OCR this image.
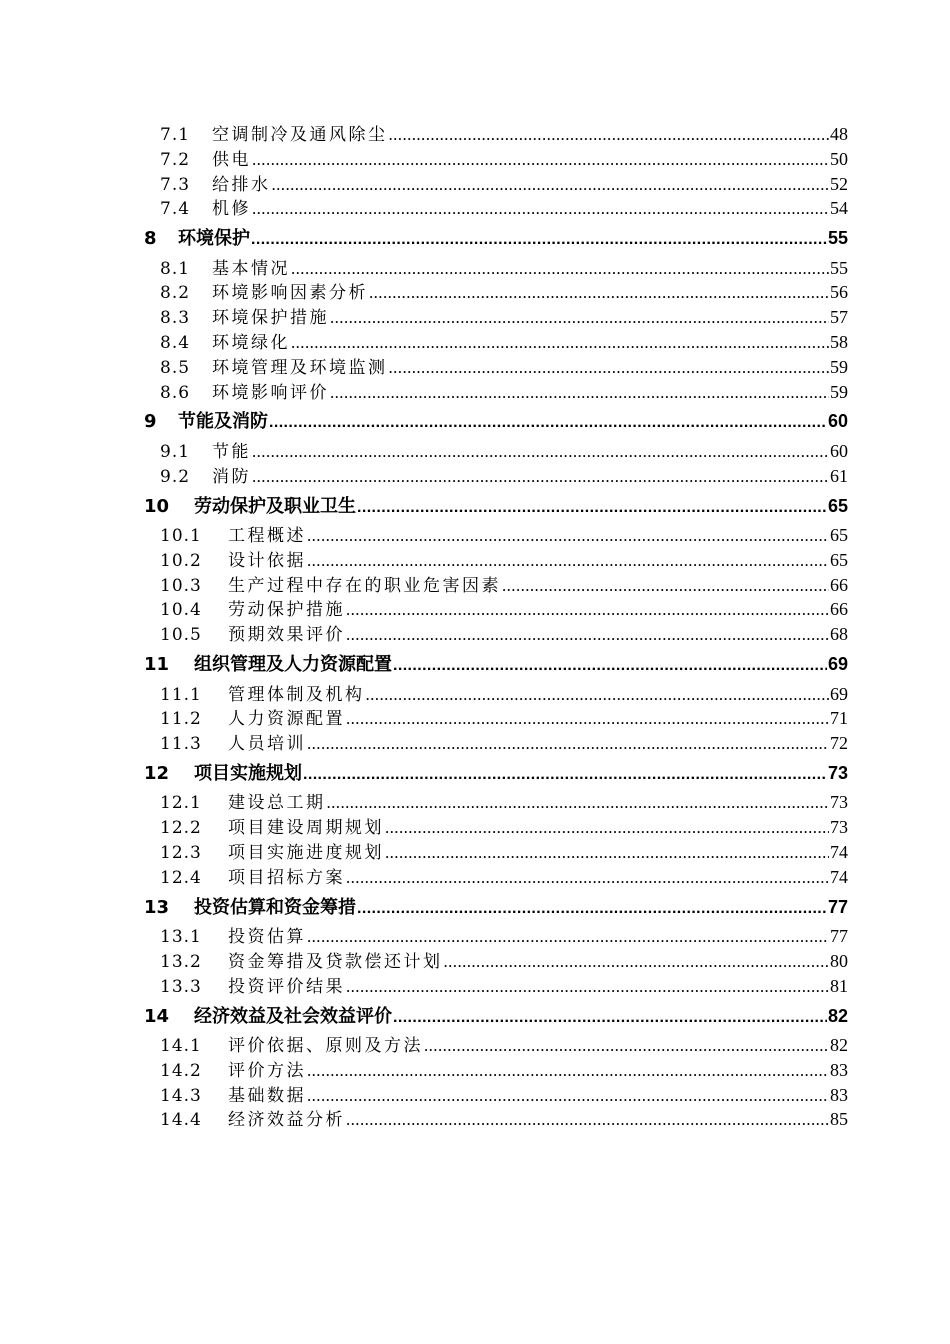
7.1	空调制冷及通风除尘 .....	48
7.2	供电 .....	50
7.3	给排水 .....	52
7.4	机修 .....	54
8	环境保护 .....	55
8.1	基本情况 .....	55
8.2	环境影响因素分析 .....	56
8.3	环境保护措施 .....	57
8.4	环境绿化 .....	58
8.5	环境管理及环境监测 .....	59
8.6	环境影响评价 .....	59
9	节能及消防 .....	60
9.1	节能 .....	60
9.2	消防 .....	61
10	劳动保护及职业卫生 .....	65
10.1	工程概述 .....	65
10.2	设计依据 .....	65
10.3	生产过程中存在的职业危害因素 .....	66
10.4	劳动保护措施 .....	66
10.5	预期效果评价 .....	68
11	组织管理及人力资源配置 .....	69
11.1	管理体制及机构 .....	69
11.2	人力资源配置 .....	71
11.3	人员培训 .....	72
12	项目实施规划 .....	73
12.1	建设总工期 .....	73
12.2	项目建设周期规划 .....	73
12.3	项目实施进度规划 .....	74
12.4	项目招标方案 .....	74
13	投资估算和资金筹措 .....	77
13.1	投资估算 .....	77
13.2	资金筹措及贷款偿还计划 .....	80
13.3	投资评价结果 .....	81
14	经济效益及社会效益评价 .....	82
14.1	评价依据、原则及方法 .....	82
14.2	评价方法 .....	83
14.3	基础数据 .....	83
14.4	经济效益分析 .....	85
